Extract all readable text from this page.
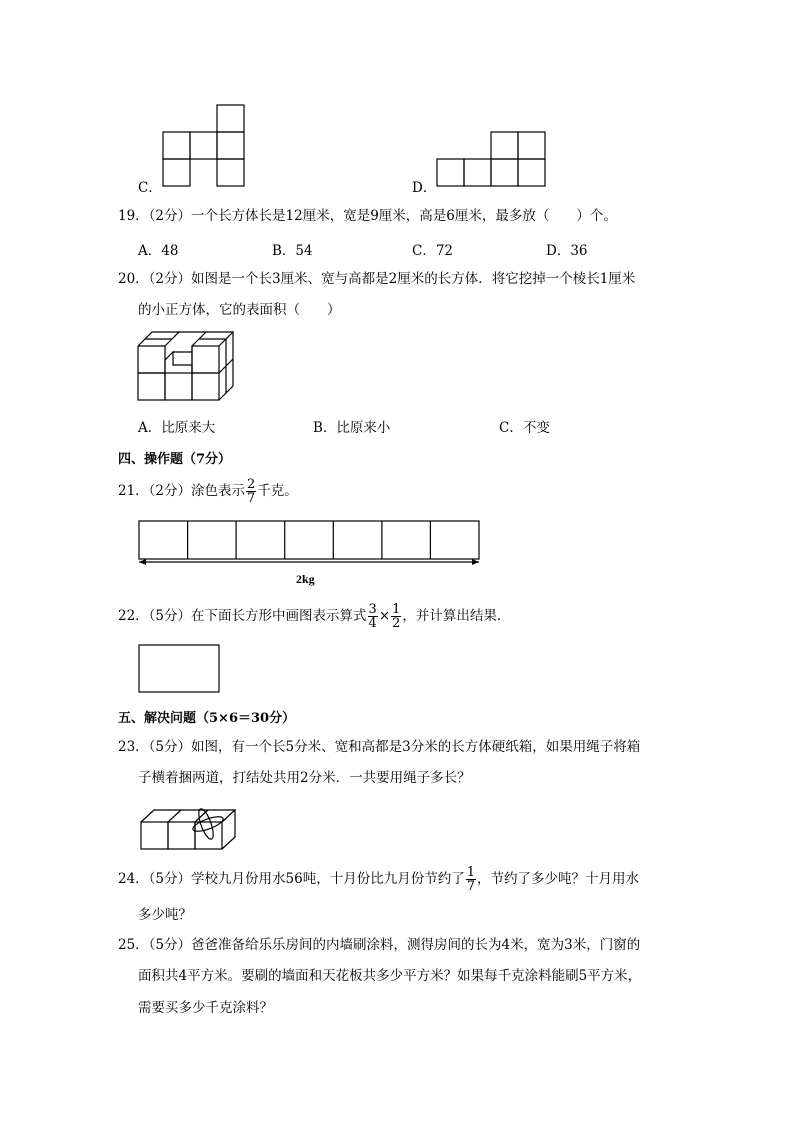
C．	D．
19．（2分）一个长方体长是12厘米，宽是9厘米，高是6厘米，最多放（　　）个。
A．48	B．54	C．72	D．36
20．（2分）如图是一个长3厘米、宽与高都是2厘米的长方体．将它挖掉一个棱长1厘米
的小正方体，它的表面积（　　）
A．比原来大	B．比原来小	C．不变
四、操作题（7分）
21．（2分）涂色表示 $\frac{2}{7}$ 千克。
2kg
22．（5分）在下面长方形中画图表示算式 $\frac{3}{4} \times \frac{1}{2}$ ，并计算出结果．
五、解决问题（5×6＝30分）
23．（5分）如图，有一个长5分米、宽和高都是3分米的长方体硬纸箱，如果用绳子将箱
子横着捆两道，打结处共用2分米．一共要用绳子多长？
24．（5分）学校九月份用水56吨，十月份比九月份节约了 $\frac{1}{7}$ ，节约了多少吨？十月用水
多少吨？
25．（5分）爸爸准备给乐乐房间的内墙刷涂料，测得房间的长为4米，宽为3米，门窗的
面积共4平方米。要刷的墙面和天花板共多少平方米？如果每千克涂料能刷5平方米，
需要买多少千克涂料？
